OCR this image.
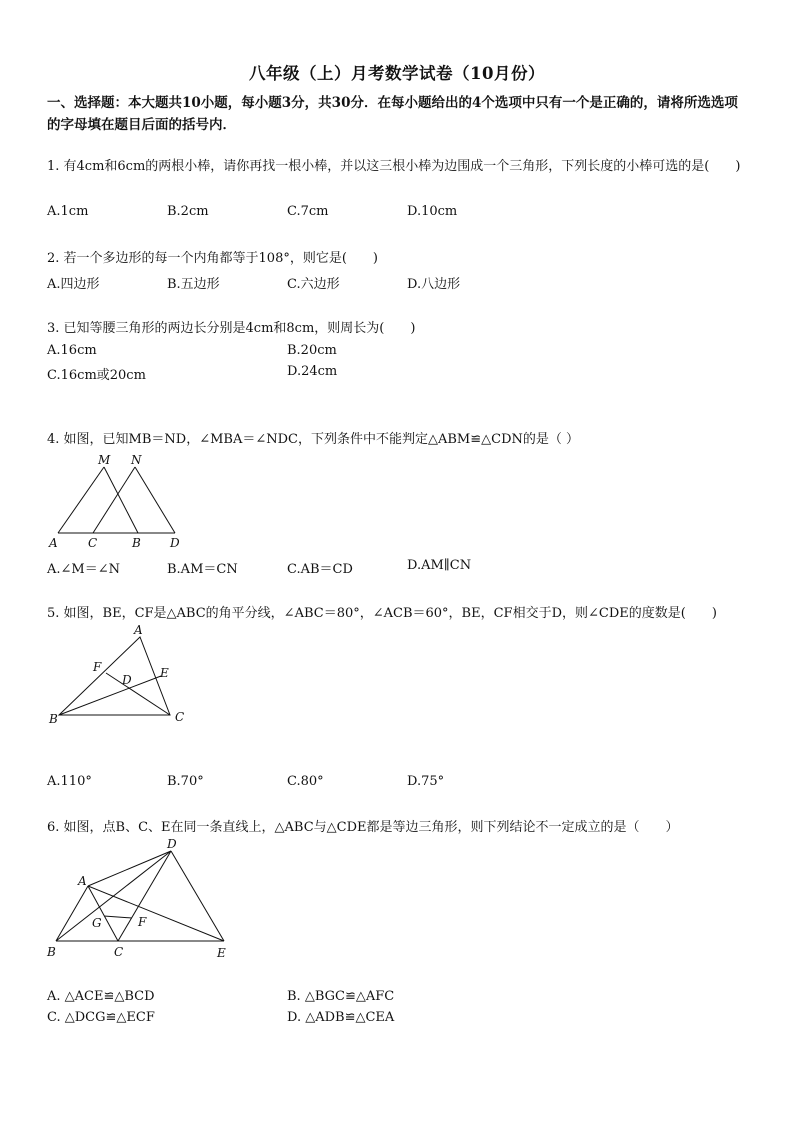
八年级（上）月考数学试卷（10月份）
一、选择题：本大题共10小题，每小题3分，共30分．在每小题给出的4个选项中只有一个是正确的，请将所选选项的字母填在题目后面的括号内．
1. 有4cm和6cm的两根小棒，请你再找一根小棒，并以这三根小棒为边围成一个三角形，下列长度的小棒可选的是(　　)
A.1cm	B.2cm	C.7cm	D.10cm
2. 若一个多边形的每一个内角都等于108°，则它是(　　)
A.四边形	B.五边形	C.六边形	D.八边形
3. 已知等腰三角形的两边长分别是4cm和8cm，则周长为(　　)
A.16cm	B.20cm
C.16cm或20cm	D.24cm
4. 如图，已知MB＝ND，∠MBA＝∠NDC，下列条件中不能判定△ABM≌△CDN的是（ ）
M N
A	C	B D
A.∠M＝∠N	B.AM＝CN	C.AB＝CD	D.AM∥CN
5. 如图，BE，CF是△ABC的角平分线，∠ABC＝80°，∠ACB＝60°，BE，CF相交于D，则∠CDE的度数是(　　)
A
F	E
D
B	C
A.110°	B.70°	C.80°	D.75°
6. 如图，点B、C、E在同一条直线上，△ABC与△CDE都是等边三角形，则下列结论不一定成立的是（　　）
D
A
G	F
B	C	E
A. △ACE≌△BCD	B. △BGC≌△AFC
C. △DCG≌△ECF	D. △ADB≌△CEA
